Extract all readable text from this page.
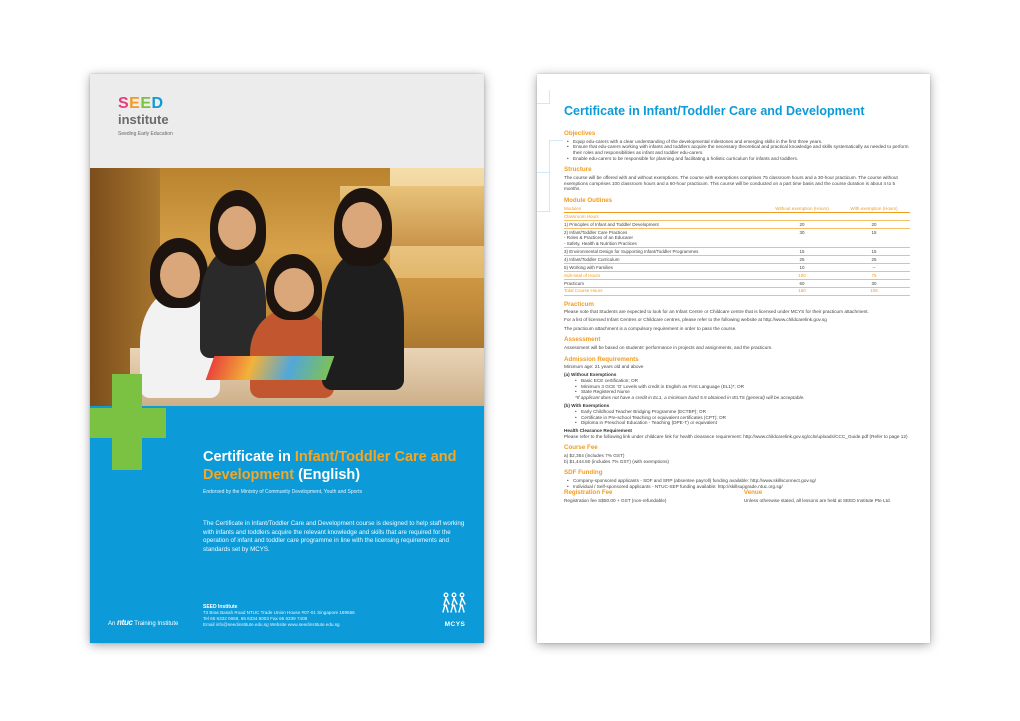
SEED
institute
Seeding Early Education
Certificate in Infant/Toddler Care and Development (English)
Endorsed by the Ministry of Community Development, Youth and Sports
The Certificate in Infant/Toddler Care and Development course is designed to help staff working with infants and toddlers acquire the relevant knowledge and skills that are required for the operation of infant and toddler care programme in line with the licensing requirements and standards set by MCYS.
An ntuc Training Institute
SEED Institute
73 Bras Basah Road NTUC Trade Union House #07-01 Singapore 189556
Tel 65 6332 0668, 65 6334 6003 Fax 65 6339 7408
Email info@seedinstitute.edu.sg Website www.seedinstitute.edu.sg	MCYS
Certificate in Infant/Toddler Care and Development
Objectives
• Equip edu-carers with a clear understanding of the developmental milestones and emerging skills in the first three years.
• Ensure that edu-carers working with infants and toddlers acquire the necessary theoretical and practical knowledge and skills systematically as needed to perform their roles and responsibilities as infant and toddler edu-carers.
• Enable edu-carers to be responsible for planning and facilitating a holistic curriculum for infants and toddlers.
Structure

The course will be offered with and without exemptions. The course with exemptions comprises 75 classroom hours and a 30-hour practicum. The course without exemptions comprises 100 classroom hours and a 60-hour practicum. This course will be conducted on a part time basis and the course duration is about 4 to 5 months.

Module Outlines
Modules	Without exemption (Hours)	With exemption (Hours)
Classroom Hours		
1) Principles of Infant and Toddler Development	20	20

2) Infant/Toddler Care Practices
- Roles & Practices of an Educarer
- Safety, Health & Nutrition Practices	30	15
3) Environmental Design for Supporting Infant/Toddler Programmes	15	15
4) Infant/Toddler Curriculum	25	25
5) Working with Families	10	–
Sub-total of Hours	100	75
Practicum	60	30
Total Course Hours	160	105
Practicum

Please note that Students are expected to look for an Infant Centre or Childcare centre that is licensed under MCYS for their practicum attachment.

For a list of licensed Infant Centres or Childcare centres, please refer to the following website at http://www.childcarelink.gov.sg

The practicum attachment is a compulsory requirement in order to pass the course.

Assessment

Assessment will be based on students' performance in projects and assignments, and the practicum.

Admission Requirements

Minimum age: 21 years old and above

(a) Without Exemptions
• Basic ECE certification; OR
• Minimum 3 GCE 'O' Levels with credit in English as First Language (EL1)*; OR
• State Registered Nurse

*If applicant does not have a credit in EL1, a minimum band 5.5 obtained in IELTS (general) will be acceptable.

(b) With Exemptions
• Early Childhood Teacher Bridging Programme (ECTBP); OR
• Certificate in Pre-school Teaching or equivalent certificates (CPT); OR
• Diploma in Preschool Education - Teaching (DPE-T) or equivalent
Health Clearance Requirement

Please refer to the following link under childcare link for health clearance requirement: http://www.childcarelink.gov.sg/ccls/uploads/CCC_Guide.pdf (Refer to page 12)

Course Fee
a) $2,354 (includes 7% GST)
b) $1,444.50 (includes 7% GST) (with exemptions)
SDF Funding
• Company-sponsored applicants - SDF and SRP (absentee payroll) funding available: http://www.skillsconnect.gov.sg/
• Individual / Self-sponsored applicants - NTUC-SEP funding available: http://skillsupgrade.ntuc.org.sg/
Registration Fee

Registration fee S$50.00 + GST (non-refundable)

Venue

Unless otherwise stated, all lessons are held at SEED Institute Pte Ltd.
